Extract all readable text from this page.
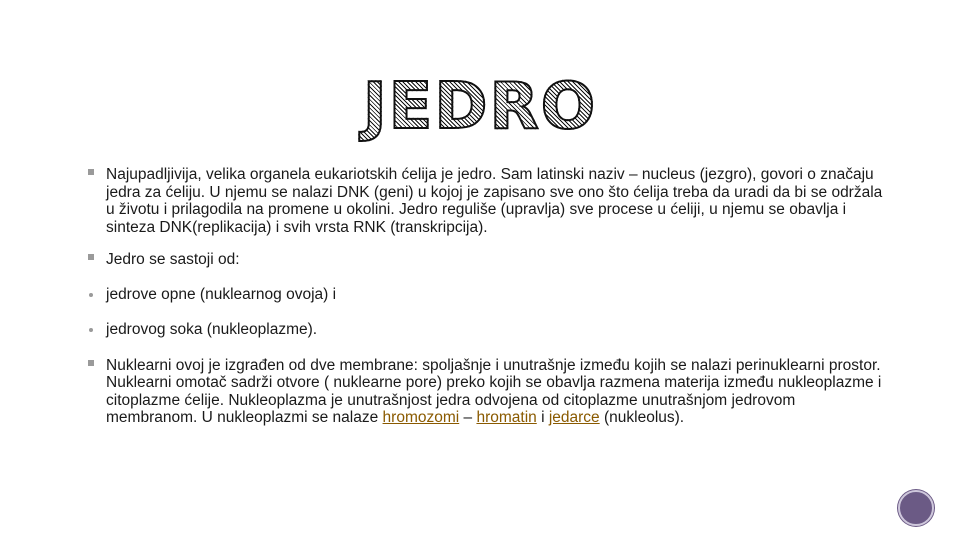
JEDRO

Najupadljivija, velika organela eukariotskih ćelija je jedro. Sam latinski naziv – nucleus (jezgro), govori o značaju jedra za ćeliju. U njemu se nalazi DNK (geni) u kojoj je zapisano sve ono što ćelija treba da uradi da bi se održala u životu i prilagodila na promene u okolini. Jedro reguliše (upravlja) sve procese u ćeliji, u njemu se obavlja i sinteza DNK(replikacija) i svih vrsta RNK (transkripcija).

Jedro se sastoji od:

jedrove opne (nuklearnog ovoja) i

jedrovog soka (nukleoplazme).

Nuklearni ovoj je izgrađen od dve membrane: spoljašnje i unutrašnje između kojih se nalazi perinuklearni prostor. Nuklearni omotač sadrži otvore ( nuklearne pore) preko kojih se obavlja razmena materija između nukleoplazme i citoplazme ćelije. Nukleoplazma je unutrašnjost jedra odvojena od citoplazme unutrašnjom jedrovom membranom. U nukleoplazmi se nalaze hromozomi – hromatin i jedarce (nukleolus).
